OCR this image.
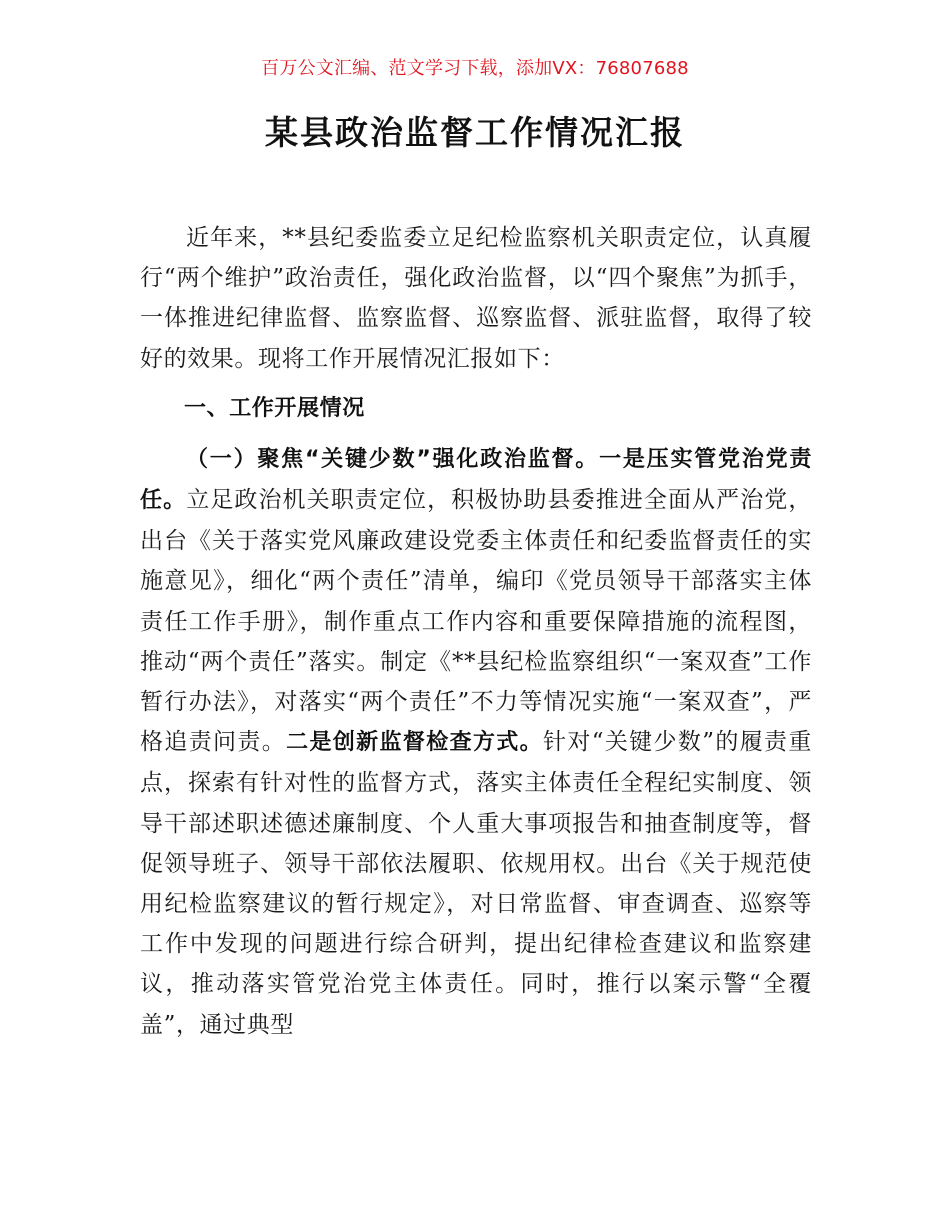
百万公文汇编、范文学习下载，添加VX：76807688
某县政治监督工作情况汇报

近年来，**县纪委监委立足纪检监察机关职责定位，认真履行“两个维护”政治责任，强化政治监督，以“四个聚焦”为抓手，一体推进纪律监督、监察监督、巡察监督、派驻监督，取得了较好的效果。现将工作开展情况汇报如下：

一、工作开展情况

（一）聚焦“关键少数”强化政治监督。一是压实管党治党责任。立足政治机关职责定位，积极协助县委推进全面从严治党，出台《关于落实党风廉政建设党委主体责任和纪委监督责任的实施意见》，细化“两个责任”清单，编印《党员领导干部落实主体责任工作手册》，制作重点工作内容和重要保障措施的流程图，推动“两个责任”落实。制定《**县纪检监察组织“一案双查”工作暂行办法》，对落实“两个责任”不力等情况实施“一案双查”，严格追责问责。二是创新监督检查方式。针对“关键少数”的履责重点，探索有针对性的监督方式，落实主体责任全程纪实制度、领导干部述职述德述廉制度、个人重大事项报告和抽查制度等，督促领导班子、领导干部依法履职、依规用权。出台《关于规范使用纪检监察建议的暂行规定》，对日常监督、审查调查、巡察等工作中发现的问题进行综合研判，提出纪律检查建议和监察建议，推动落实管党治党主体责任。同时，推行以案示警“全覆盖”，通过典型
